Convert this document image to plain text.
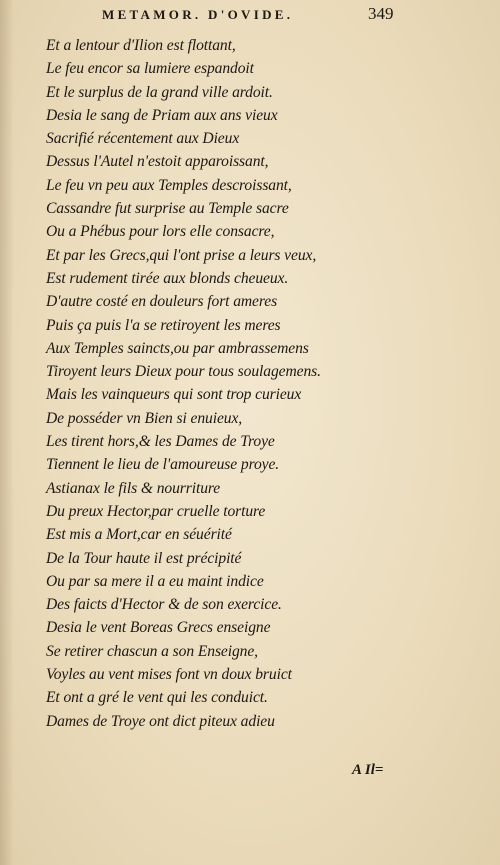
METAMOR. D'OVIDE.	349
Et a lentour d'Ilion est flottant,
Le feu encor sa lumiere espandoit
Et le surplus de la grand ville ardoit.
Desia le sang de Priam aux ans vieux
Sacrifié récentement aux Dieux
Dessus l'Autel n'estoit apparoissant,
Le feu vn peu aux Temples descroissant,
Cassandre fut surprise au Temple sacre
Ou a Phébus pour lors elle consacre,
Et par les Grecs,qui l'ont prise a leurs veux,
Est rudement tirée aux blonds cheueux.
D'autre costé en douleurs fort ameres
Puis ça puis l'a se retiroyent les meres
Aux Temples saincts,ou par ambrassemens
Tiroyent leurs Dieux pour tous soulagemens.
Mais les vainqueurs qui sont trop curieux
De posséder vn Bien si enuieux,
Les tirent hors,& les Dames de Troye
Tiennent le lieu de l'amoureuse proye.
Astianax le fils & nourriture
Du preux Hector,par cruelle torture
Est mis a Mort,car en séuérité
De la Tour haute il est précipité
Ou par sa mere il a eu maint indice
Des faicts d'Hector & de son exercice.
Desia le vent Boreas Grecs enseigne
Se retirer chascun a son Enseigne,
Voyles au vent mises font vn doux bruict
Et ont a gré le vent qui les conduict.
Dames de Troye ont dict piteux adieu
A Il=
